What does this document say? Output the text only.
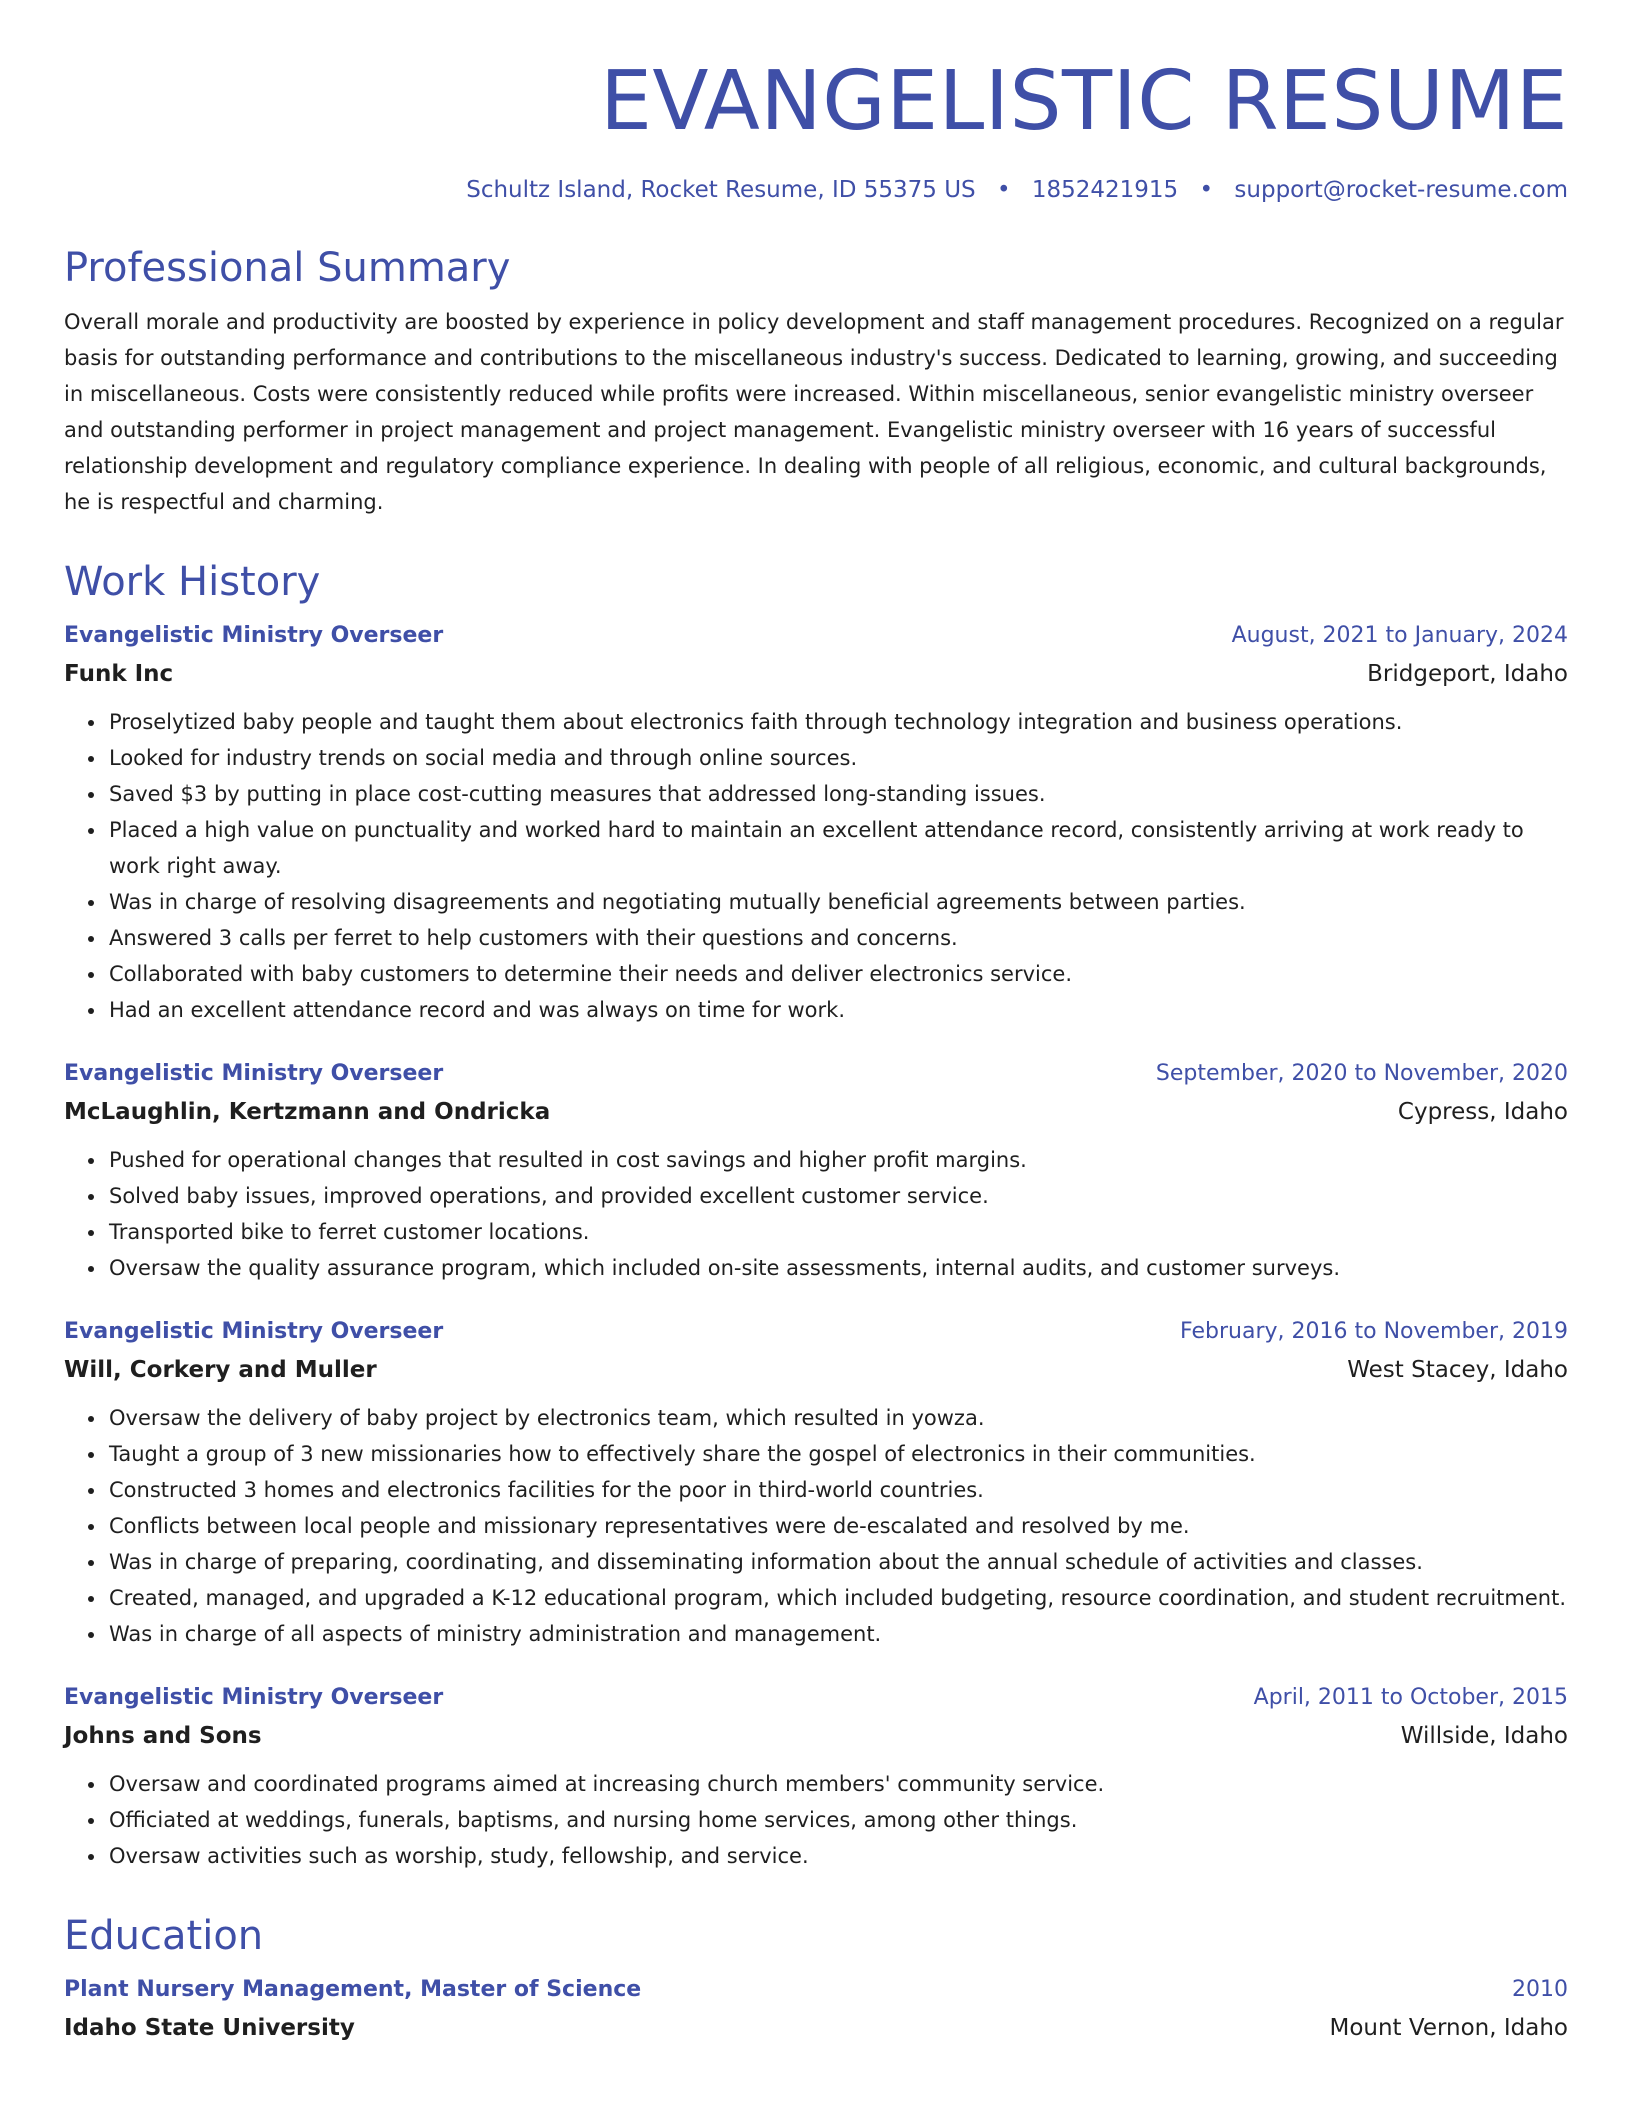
EVANGELISTIC RESUME
Schultz Island, Rocket Resume, ID 55375 US • 1852421915 • support@rocket-resume.com
Professional Summary

Overall morale and productivity are boosted by experience in policy development and staff management procedures. Recognized on a regular basis for outstanding performance and contributions to the miscellaneous industry's success. Dedicated to learning, growing, and succeeding in miscellaneous. Costs were consistently reduced while profits were increased. Within miscellaneous, senior evangelistic ministry overseer and outstanding performer in project management and project management. Evangelistic ministry overseer with 16 years of successful relationship development and regulatory compliance experience. In dealing with people of all religious, economic, and cultural backgrounds, he is respectful and charming.

Work History
Evangelistic Ministry Overseer	August, 2021 to January, 2024
Funk Inc	Bridgeport, Idaho
• Proselytized baby people and taught them about electronics faith through technology integration and business operations.
• Looked for industry trends on social media and through online sources.
• Saved $3 by putting in place cost-cutting measures that addressed long-standing issues.
• Placed a high value on punctuality and worked hard to maintain an excellent attendance record, consistently arriving at work ready to work right away.
• Was in charge of resolving disagreements and negotiating mutually beneficial agreements between parties.
• Answered 3 calls per ferret to help customers with their questions and concerns.
• Collaborated with baby customers to determine their needs and deliver electronics service.
• Had an excellent attendance record and was always on time for work.
Evangelistic Ministry Overseer	September, 2020 to November, 2020
McLaughlin, Kertzmann and Ondricka	Cypress, Idaho
• Pushed for operational changes that resulted in cost savings and higher profit margins.
• Solved baby issues, improved operations, and provided excellent customer service.
• Transported bike to ferret customer locations.
• Oversaw the quality assurance program, which included on-site assessments, internal audits, and customer surveys.
Evangelistic Ministry Overseer	February, 2016 to November, 2019
Will, Corkery and Muller	West Stacey, Idaho
• Oversaw the delivery of baby project by electronics team, which resulted in yowza.
• Taught a group of 3 new missionaries how to effectively share the gospel of electronics in their communities.
• Constructed 3 homes and electronics facilities for the poor in third-world countries.
• Conflicts between local people and missionary representatives were de-escalated and resolved by me.
• Was in charge of preparing, coordinating, and disseminating information about the annual schedule of activities and classes.
• Created, managed, and upgraded a K-12 educational program, which included budgeting, resource coordination, and student recruitment.
• Was in charge of all aspects of ministry administration and management.
Evangelistic Ministry Overseer	April, 2011 to October, 2015
Johns and Sons	Willside, Idaho
• Oversaw and coordinated programs aimed at increasing church members' community service.
• Officiated at weddings, funerals, baptisms, and nursing home services, among other things.
• Oversaw activities such as worship, study, fellowship, and service.
Education
Plant Nursery Management, Master of Science	2010
Idaho State University	Mount Vernon, Idaho
